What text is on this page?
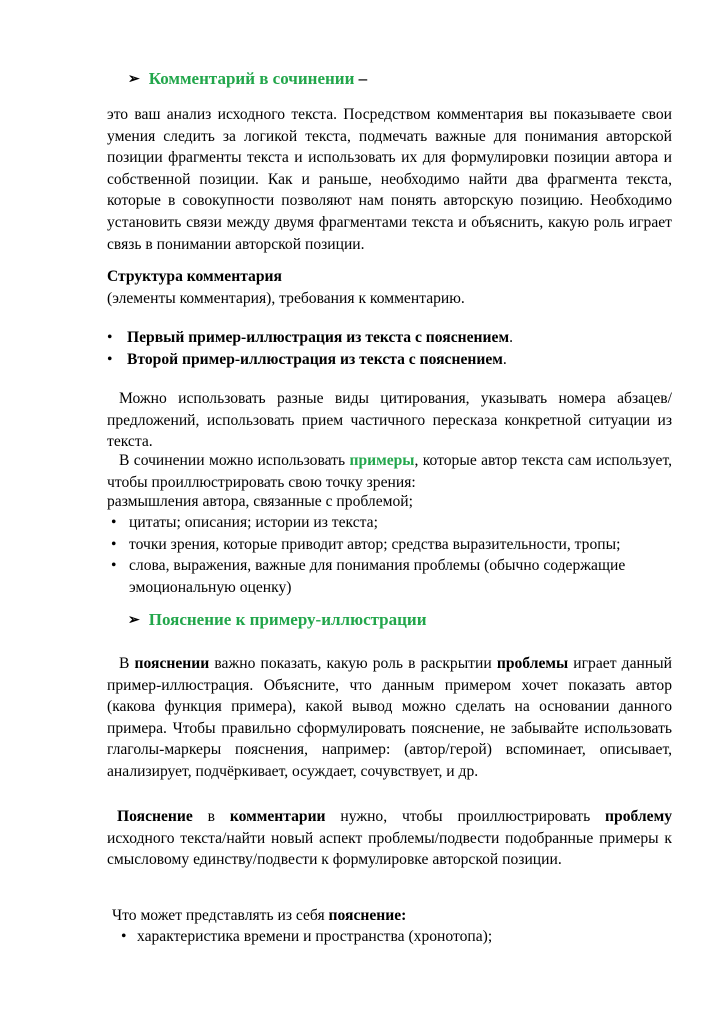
➢ Комментарий в сочинении –

это ваш анализ исходного текста. Посредством комментария вы показываете свои умения следить за логикой текста, подмечать важные для понимания авторской позиции фрагменты текста и использовать их для формулировки позиции автора и собственной позиции. Как и раньше, необходимо найти два фрагмента текста, которые в совокупности позволяют нам понять авторскую позицию. Необходимо установить связи между двумя фрагментами текста и объяснить, какую роль играет связь в понимании авторской позиции.

Структура комментария
(элементы комментария), требования к комментарию.
• Первый пример-иллюстрация из текста с пояснением.
• Второй пример-иллюстрация из текста с пояснением.

Можно использовать разные виды цитирования, указывать номера абзацев/предложений, использовать прием частичного пересказа конкретной ситуации из текста.

В сочинении можно использовать примеры, которые автор текста сам использует, чтобы проиллюстрировать свою точку зрения:

размышления автора, связанные с проблемой;
• цитаты; описания; истории из текста;
• точки зрения, которые приводит автор; средства выразительности, тропы;
• слова, выражения, важные для понимания проблемы (обычно содержащие эмоциональную оценку)
➢ Пояснение к примеру-иллюстрации

В пояснении важно показать, какую роль в раскрытии проблемы играет данный пример-иллюстрация. Объясните, что данным примером хочет показать автор (какова функция примера), какой вывод можно сделать на основании данного примера. Чтобы правильно сформулировать пояснение, не забывайте использовать глаголы-маркеры пояснения, например: (автор/герой) вспоминает, описывает, анализирует, подчёркивает, осуждает, сочувствует, и др.

Пояснение в комментарии нужно, чтобы проиллюстрировать проблему исходного текста/найти новый аспект проблемы/подвести подобранные примеры к смысловому единству/подвести к формулировке авторской позиции.

Что может представлять из себя пояснение:
• характеристика времени и пространства (хронотопа);
